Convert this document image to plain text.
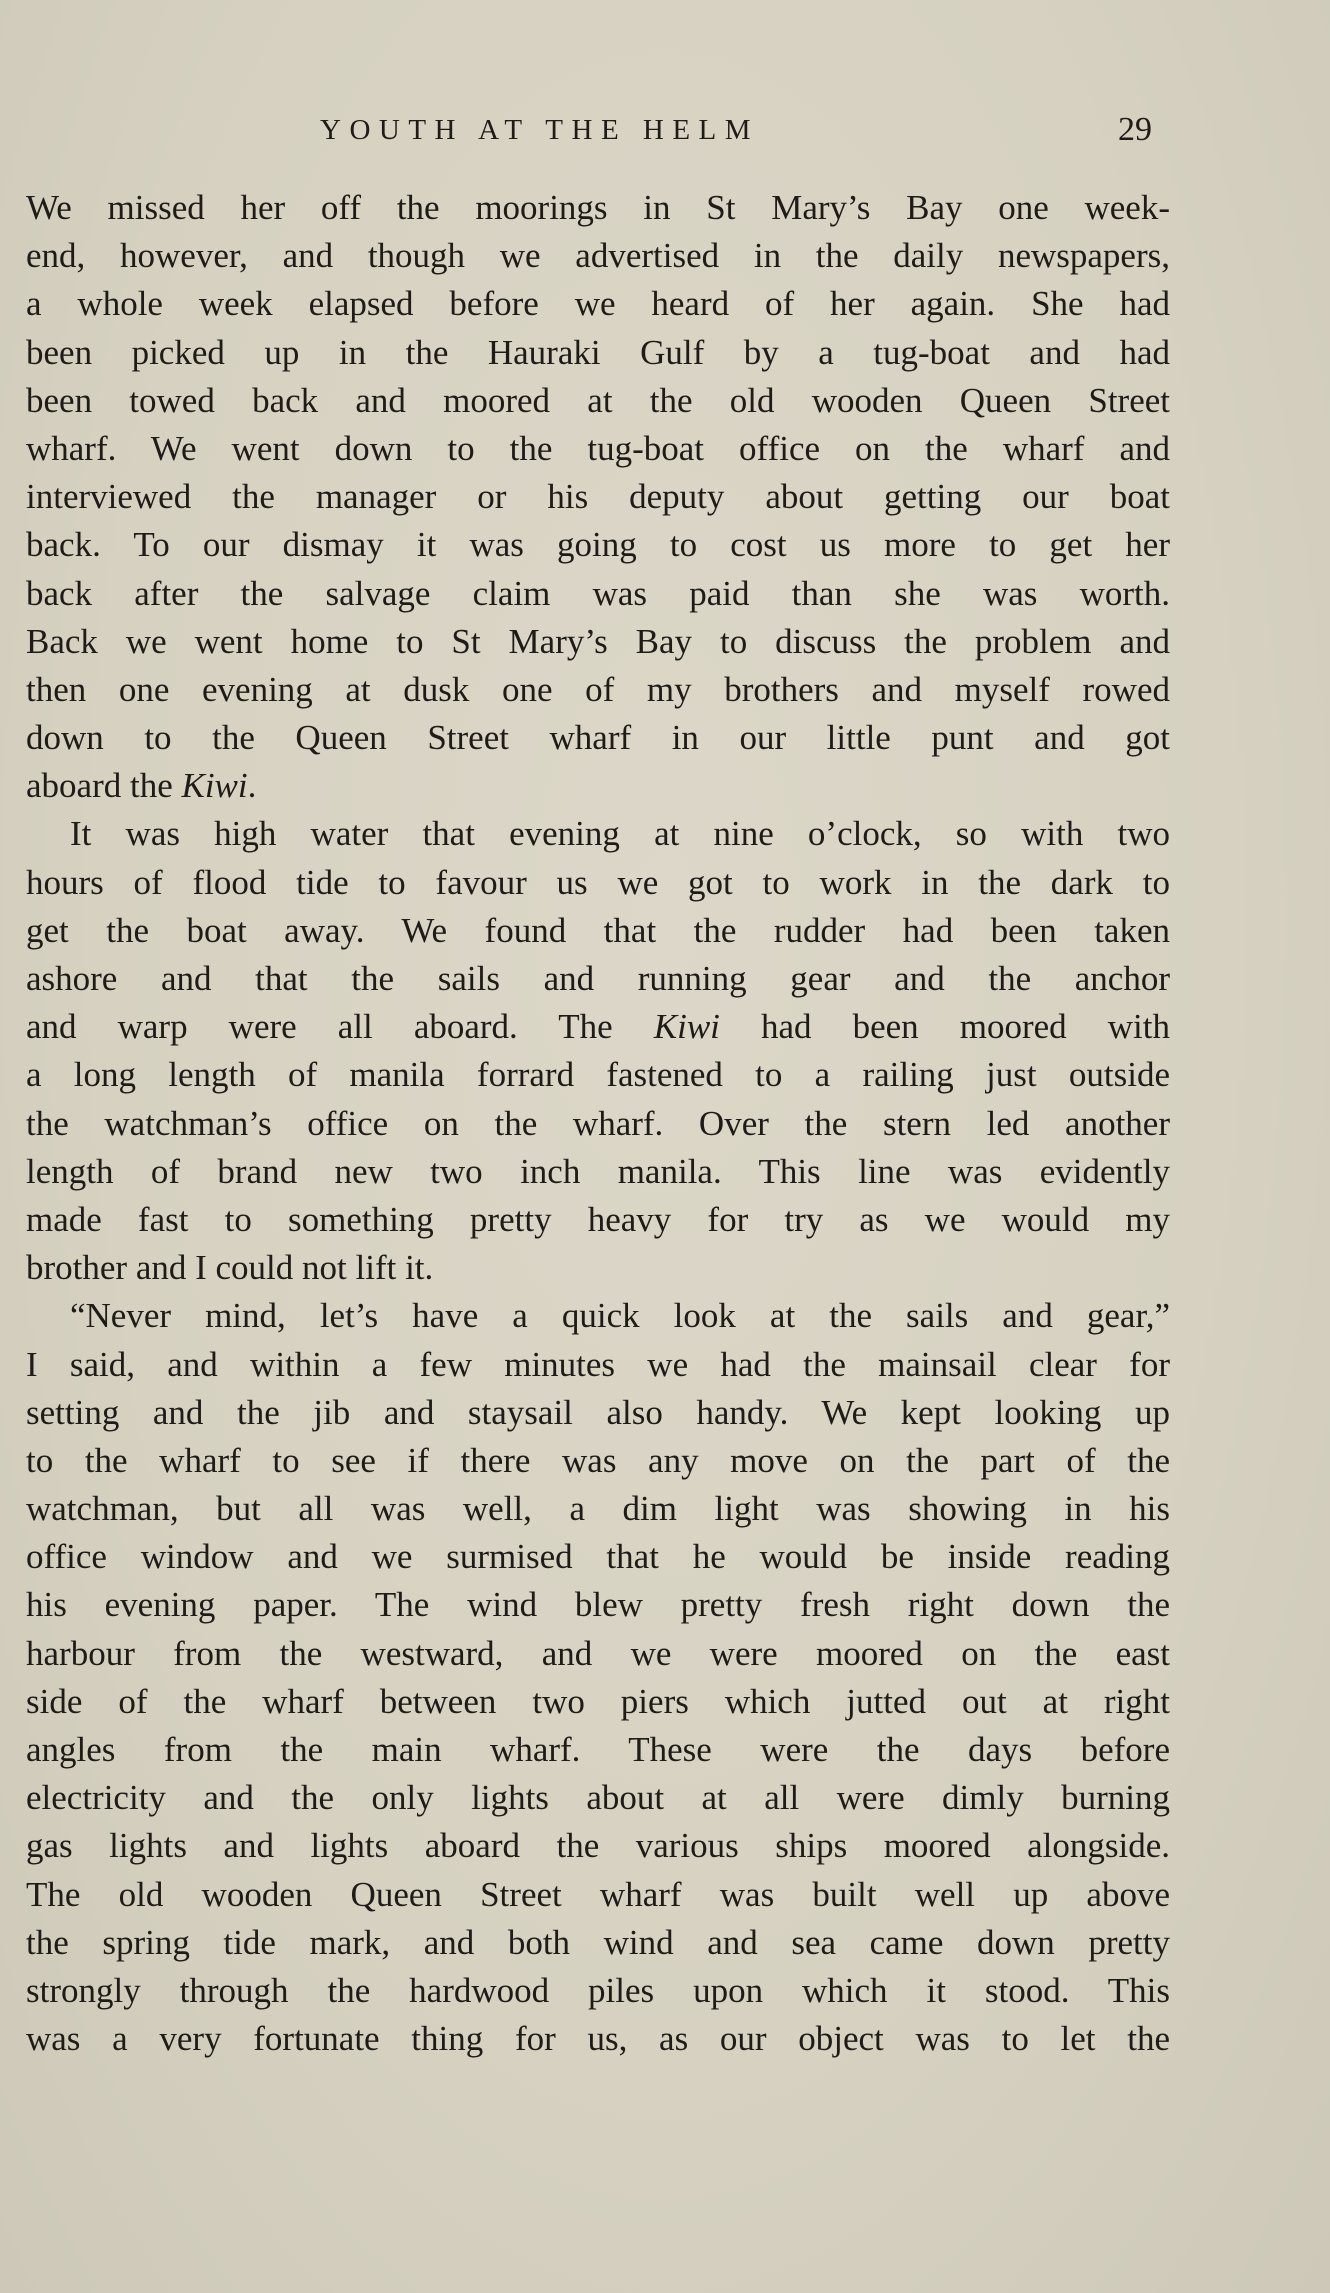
YOUTH AT THE HELM	29
We missed her off the moorings in St Mary’s Bay one week-
end, however, and though we advertised in the daily newspapers,
a whole week elapsed before we heard of her again. She had
been picked up in the Hauraki Gulf by a tug-boat and had
been towed back and moored at the old wooden Queen Street
wharf. We went down to the tug-boat office on the wharf and
interviewed the manager or his deputy about getting our boat
back. To our dismay it was going to cost us more to get her
back after the salvage claim was paid than she was worth.
Back we went home to St Mary’s Bay to discuss the problem and
then one evening at dusk one of my brothers and myself rowed
down to the Queen Street wharf in our little punt and got
aboard the Kiwi.
It was high water that evening at nine o’clock, so with two
hours of flood tide to favour us we got to work in the dark to
get the boat away. We found that the rudder had been taken
ashore and that the sails and running gear and the anchor
and warp were all aboard. The Kiwi had been moored with
a long length of manila forrard fastened to a railing just outside
the watchman’s office on the wharf. Over the stern led another
length of brand new two inch manila. This line was evidently
made fast to something pretty heavy for try as we would my
brother and I could not lift it.
“Never mind, let’s have a quick look at the sails and gear,”
I said, and within a few minutes we had the mainsail clear for
setting and the jib and staysail also handy. We kept looking up
to the wharf to see if there was any move on the part of the
watchman, but all was well, a dim light was showing in his
office window and we surmised that he would be inside reading
his evening paper. The wind blew pretty fresh right down the
harbour from the westward, and we were moored on the east
side of the wharf between two piers which jutted out at right
angles from the main wharf. These were the days before
electricity and the only lights about at all were dimly burning
gas lights and lights aboard the various ships moored alongside.
The old wooden Queen Street wharf was built well up above
the spring tide mark, and both wind and sea came down pretty
strongly through the hardwood piles upon which it stood. This
was a very fortunate thing for us, as our object was to let the
